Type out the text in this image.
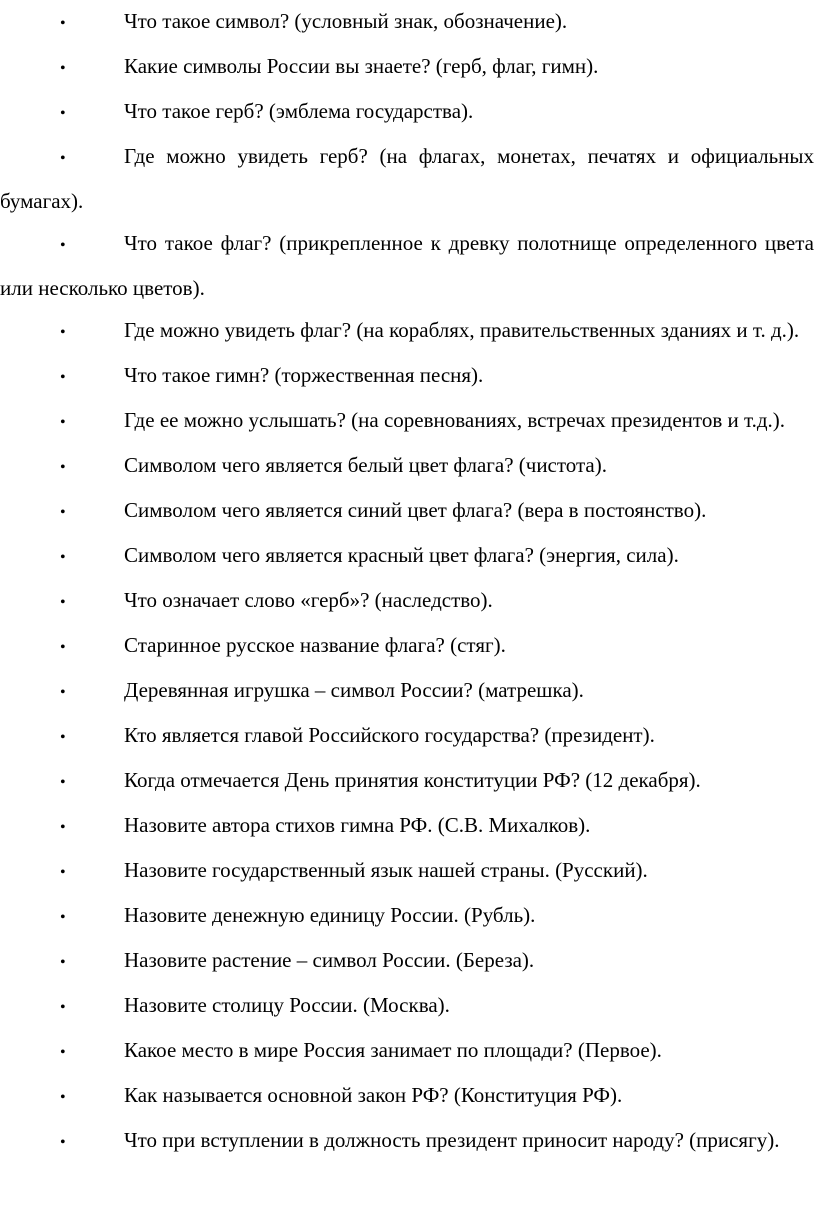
•	Что такое символ? (условный знак, обозначение).

•	Какие символы России вы знаете? (герб, флаг, гимн).

•	Что такое герб? (эмблема государства).

•	Где можно увидеть герб? (на флагах, монетах, печатях и официальных бумагах).

•	Что такое флаг? (прикрепленное к древку полотнище определенного цвета или несколько цветов).

•	Где можно увидеть флаг? (на кораблях, правительственных зданиях и т. д.).

•	Что такое гимн? (торжественная песня).

•	Где ее можно услышать? (на соревнованиях, встречах президентов и т.д.).

•	Символом чего является белый цвет флага? (чистота).

•	Символом чего является синий цвет флага? (вера в постоянство).

•	Символом чего является красный цвет флага? (энергия, сила).

•	Что означает слово «герб»? (наследство).

•	Старинное русское название флага? (стяг).

•	Деревянная игрушка – символ России? (матрешка).

•	Кто является главой Российского государства? (президент).

•	Когда отмечается День принятия конституции РФ? (12 декабря).

•	Назовите автора стихов гимна РФ. (С.В. Михалков).

•	Назовите государственный язык нашей страны. (Русский).

•	Назовите денежную единицу России. (Рубль).

•	Назовите растение – символ России. (Береза).

•	Назовите столицу России. (Москва).

•	Какое место в мире Россия занимает по площади? (Первое).

•	Как называется основной закон РФ? (Конституция РФ).

•	Что при вступлении в должность президент приносит народу? (присягу).
